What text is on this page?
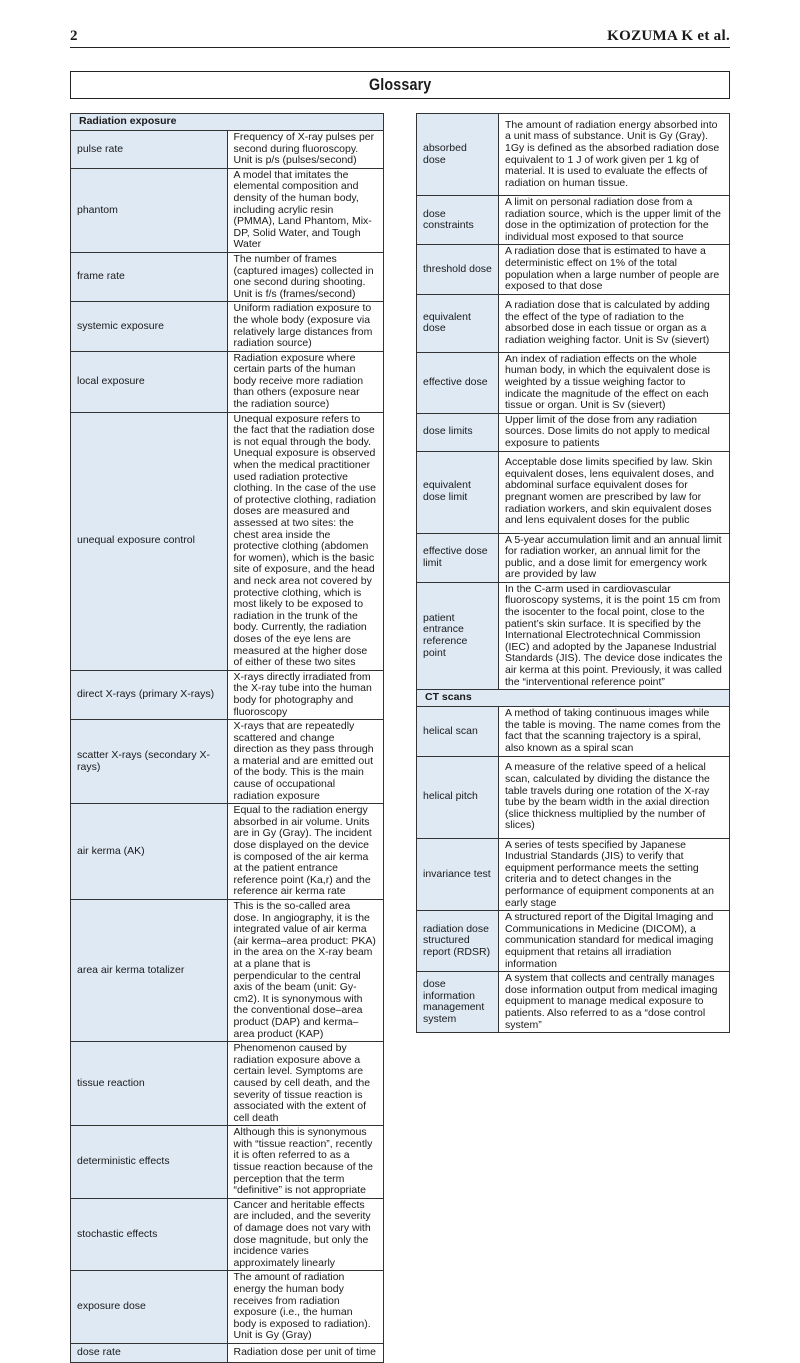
2	KOZUMA K et al.
Glossary
Radiation exposure	
pulse rate	Frequency of X-ray pulses per second during fluoroscopy. Unit is p/s (pulses/second)
phantom	A model that imitates the elemental composition and density of the human body, including acrylic resin (PMMA), Land Phantom, Mix-DP, Solid Water, and Tough Water
frame rate	The number of frames (captured images) collected in one second during shooting. Unit is f/s (frames/second)
systemic exposure	Uniform radiation exposure to the whole body (exposure via relatively large distances from radiation source)
local exposure	Radiation exposure where certain parts of the human body receive more radiation than others (exposure near the radiation source)
unequal exposure control	Unequal exposure refers to the fact that the radiation dose is not equal through the body. Unequal exposure is observed when the medical practitioner used radiation protective clothing. In the case of the use of protective clothing, radiation doses are measured and assessed at two sites: the chest area inside the protective clothing (abdomen for women), which is the basic site of exposure, and the head and neck area not covered by protective clothing, which is most likely to be exposed to radiation in the trunk of the body. Currently, the radiation doses of the eye lens are measured at the higher dose of either of these two sites
direct X-rays (primary X-rays)	X-rays directly irradiated from the X-ray tube into the human body for photography and fluoroscopy
scatter X-rays (secondary X-rays)	X-rays that are repeatedly scattered and change direction as they pass through a material and are emitted out of the body. This is the main cause of occupational radiation exposure
air kerma (AK)	Equal to the radiation energy absorbed in air volume. Units are in Gy (Gray). The incident dose displayed on the device is composed of the air kerma at the patient entrance reference point (Ka,r) and the reference air kerma rate
area air kerma totalizer	This is the so-called area dose. In angiography, it is the integrated value of air kerma (air kerma–area product: PKA) in the area on the X-ray beam at a plane that is perpendicular to the central axis of the beam (unit: Gy-cm2). It is synonymous with the conventional dose–area product (DAP) and kerma–area product (KAP)
tissue reaction	Phenomenon caused by radiation exposure above a certain level. Symptoms are caused by cell death, and the severity of tissue reaction is associated with the extent of cell death
deterministic effects	Although this is synonymous with “tissue reaction”, recently it is often referred to as a tissue reaction because of the perception that the term “definitive” is not appropriate
stochastic effects	Cancer and heritable effects are included, and the severity of damage does not vary with dose magnitude, but only the incidence varies approximately linearly
exposure dose	The amount of radiation energy the human body receives from radiation exposure (i.e., the human body is exposed to radiation). Unit is Gy (Gray)
dose rate	Radiation dose per unit of time
absorbed dose	The amount of radiation energy absorbed into a unit mass of substance. Unit is Gy (Gray). 1Gy is defined as the absorbed radiation dose equivalent to 1 J of work given per 1 kg of material. It is used to evaluate the effects of radiation on human tissue.
dose constraints	A limit on personal radiation dose from a radiation source, which is the upper limit of the dose in the optimization of protection for the individual most exposed to that source
threshold dose	A radiation dose that is estimated to have a deterministic effect on 1% of the total population when a large number of people are exposed to that dose
equivalent dose	A radiation dose that is calculated by adding the effect of the type of radiation to the absorbed dose in each tissue or organ as a radiation weighing factor. Unit is Sv (sievert)
effective dose	An index of radiation effects on the whole human body, in which the equivalent dose is weighted by a tissue weighing factor to indicate the magnitude of the effect on each tissue or organ. Unit is Sv (sievert)
dose limits	Upper limit of the dose from any radiation sources. Dose limits do not apply to medical exposure to patients
equivalent dose limit	Acceptable dose limits specified by law. Skin equivalent doses, lens equivalent doses, and abdominal surface equivalent doses for pregnant women are prescribed by law for radiation workers, and skin equivalent doses and lens equivalent doses for the public
effective dose limit	A 5-year accumulation limit and an annual limit for radiation worker, an annual limit for the public, and a dose limit for emergency work are provided by law
patient entrance reference point	In the C-arm used in cardiovascular fluoroscopy systems, it is the point 15 cm from the isocenter to the focal point, close to the patient’s skin surface. It is specified by the International Electrotechnical Commission (IEC) and adopted by the Japanese Industrial Standards (JIS). The device dose indicates the air kerma at this point. Previously, it was called the “interventional reference point”
CT scans	
helical scan	A method of taking continuous images while the table is moving. The name comes from the fact that the scanning trajectory is a spiral, also known as a spiral scan
helical pitch	A measure of the relative speed of a helical scan, calculated by dividing the distance the table travels during one rotation of the X-ray tube by the beam width in the axial direction (slice thickness multiplied by the number of slices)
invariance test	A series of tests specified by Japanese Industrial Standards (JIS) to verify that equipment performance meets the setting criteria and to detect changes in the performance of equipment components at an early stage
radiation dose structured report (RDSR)	A structured report of the Digital Imaging and Communications in Medicine (DICOM), a communication standard for medical imaging equipment that retains all irradiation information
dose information management system	A system that collects and centrally manages dose information output from medical imaging equipment to manage medical exposure to patients. Also referred to as a “dose control system”
